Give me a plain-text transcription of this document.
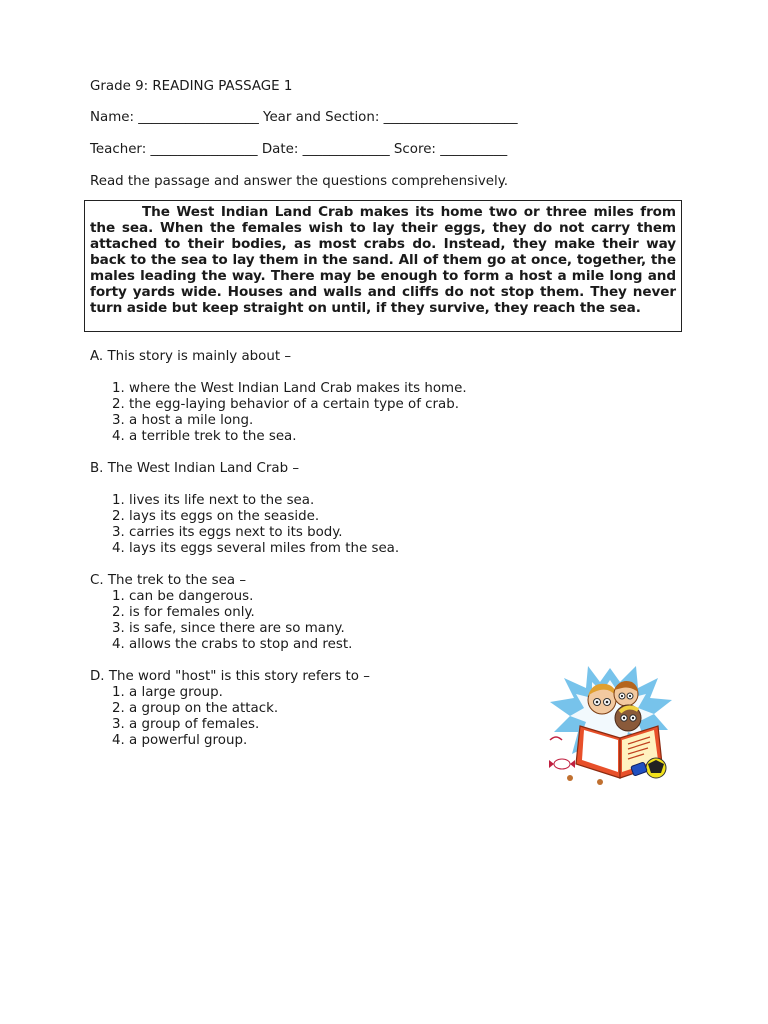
Grade 9: READING PASSAGE 1
Name: __________________ Year and Section: ____________________
Teacher: ________________ Date: _____________ Score: __________
Read the passage and answer the questions comprehensively.

The West Indian Land Crab makes its home two or three miles from the sea. When the females wish to lay their eggs, they do not carry them attached to their bodies, as most crabs do. Instead, they make their way back to the sea to lay them in the sand. All of them go at once, together, the males leading the way. There may be enough to form a host a mile long and forty yards wide. Houses and walls and cliffs do not stop them. They never turn aside but keep straight on until, if they survive, they reach the sea.

A. This story is mainly about –
1. where the West Indian Land Crab makes its home.
2. the egg-laying behavior of a certain type of crab.
3. a host a mile long.
4. a terrible trek to the sea.
B. The West Indian Land Crab –
1. lives its life next to the sea.
2. lays its eggs on the seaside.
3. carries its eggs next to its body.
4. lays its eggs several miles from the sea.
C. The trek to the sea –
1. can be dangerous.
2. is for females only.
3. is safe, since there are so many.
4. allows the crabs to stop and rest.
D. The word "host" is this story refers to –
1. a large group.
2. a group on the attack.
3. a group of females.
4. a powerful group.
